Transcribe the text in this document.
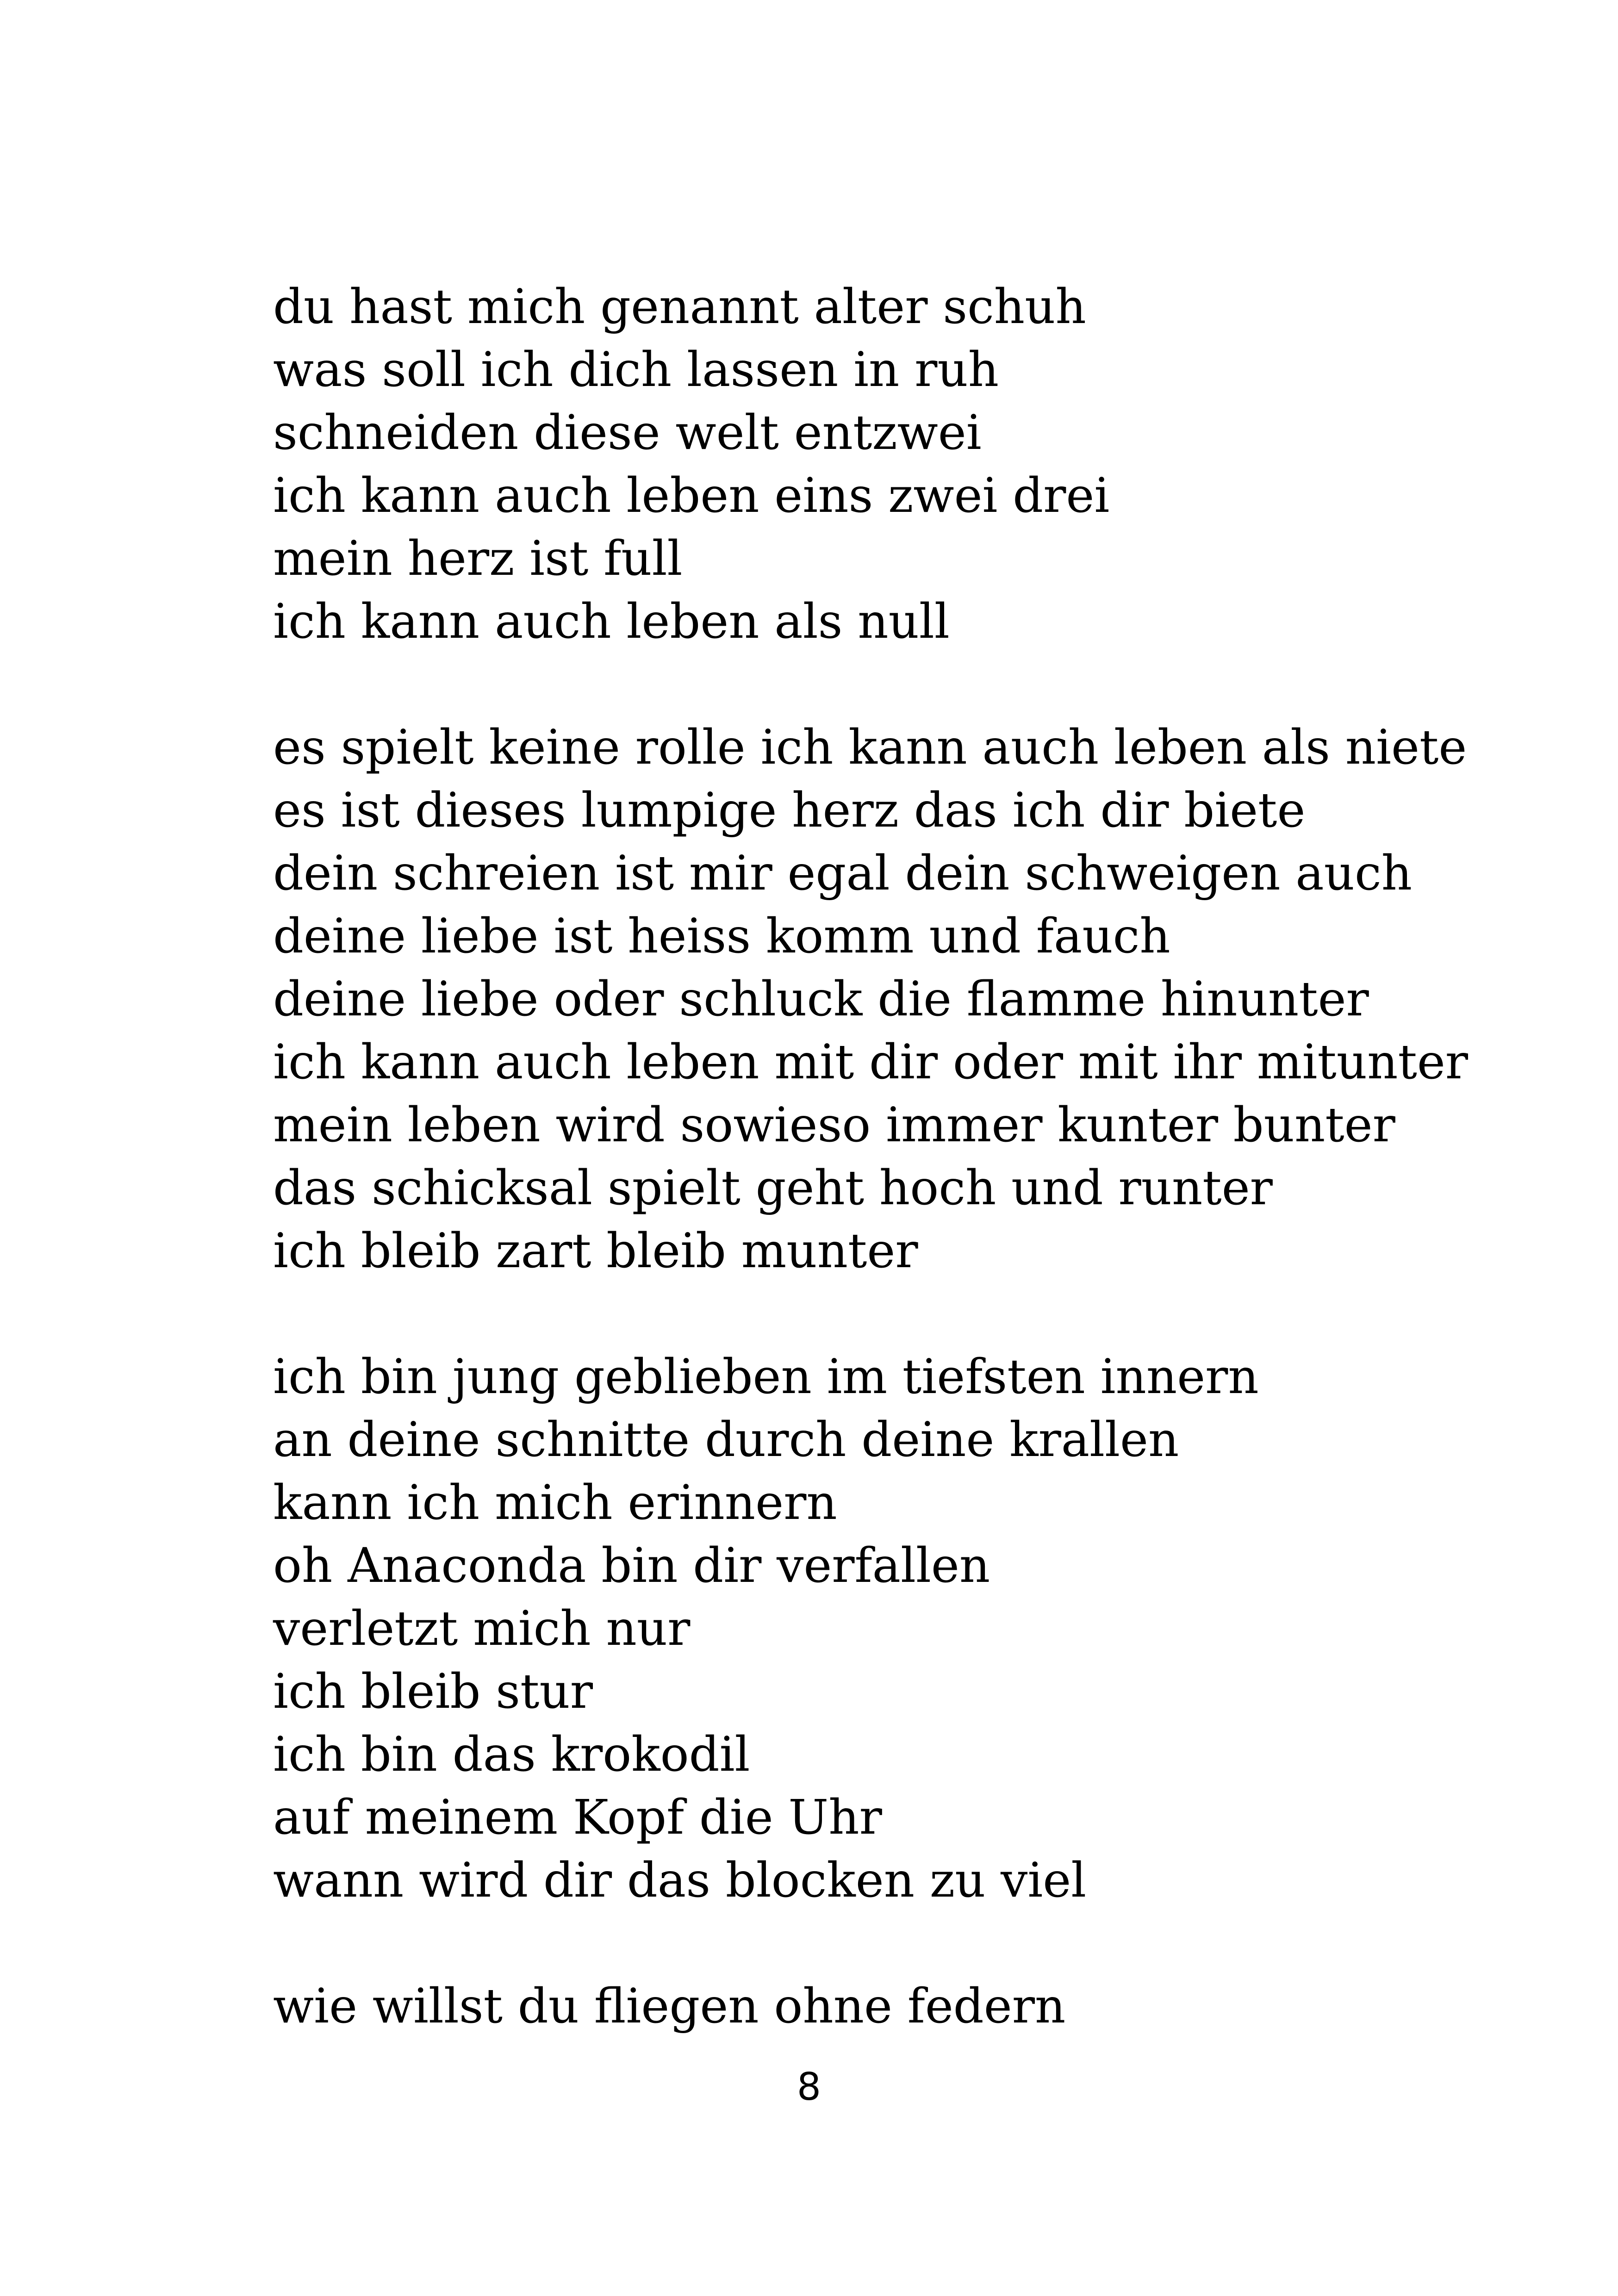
du hast mich genannt alter schuh
was soll ich dich lassen in ruh
schneiden diese welt entzwei
ich kann auch leben eins zwei drei
mein herz ist full
ich kann auch leben als null
es spielt keine rolle ich kann auch leben als niete
es ist dieses lumpige herz das ich dir biete
dein schreien ist mir egal dein schweigen auch
deine liebe ist heiss komm und fauch
deine liebe oder schluck die flamme hinunter
ich kann auch leben mit dir oder mit ihr mitunter
mein leben wird sowieso immer kunter bunter
das schicksal spielt geht hoch und runter
ich bleib zart bleib munter
ich bin jung geblieben im tiefsten innern
an deine schnitte durch deine krallen
kann ich mich erinnern
oh Anaconda bin dir verfallen
verletzt mich nur
ich bleib stur
ich bin das krokodil
auf meinem Kopf die Uhr
wann wird dir das blocken zu viel
wie willst du fliegen ohne federn
8
